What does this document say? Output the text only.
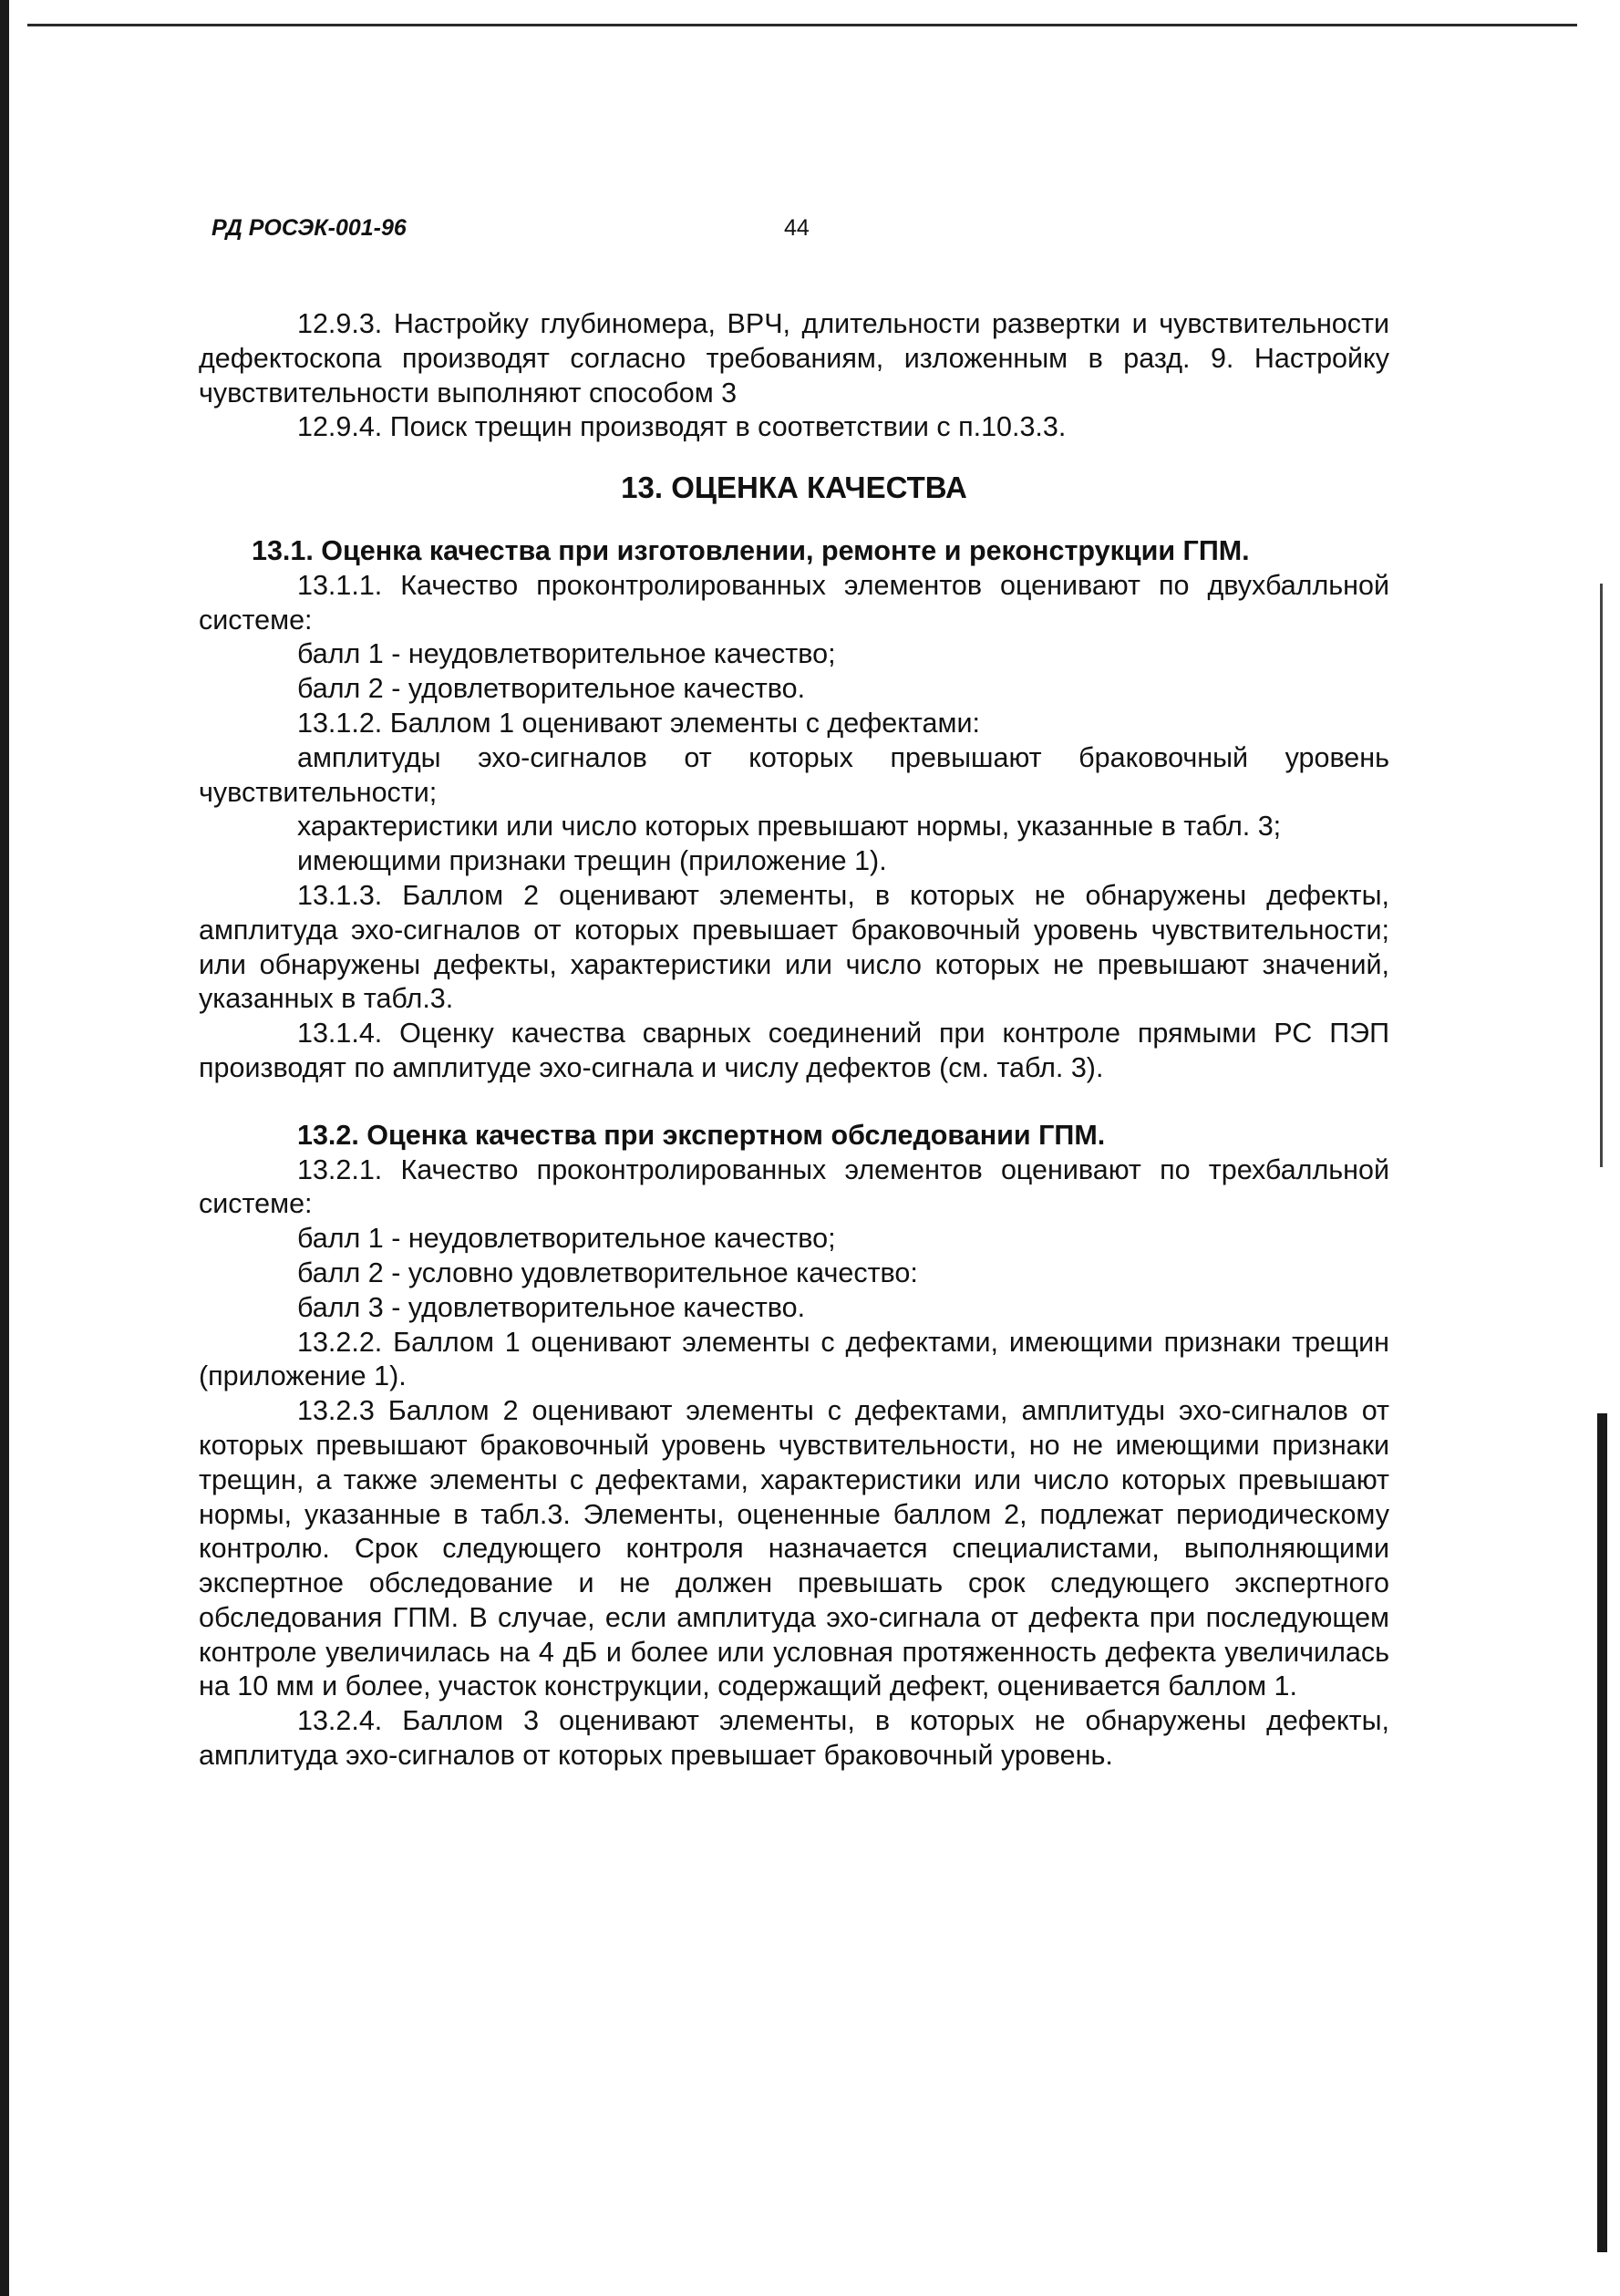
РД РОСЭК-001-96	44

12.9.3. Настройку глубиномера, ВРЧ, длительности развертки и чувствительности дефектоскопа производят согласно требованиям, изложенным в разд. 9. Настройку чувствительности выполняют способом 3

12.9.4. Поиск трещин производят в соответствии с п.10.3.3.

13. ОЦЕНКА КАЧЕСТВА

13.1. Оценка качества при изготовлении, ремонте и реконструкции ГПМ.

13.1.1. Качество проконтролированных элементов оценивают по двухбалльной системе:

балл 1 - неудовлетворительное качество;

балл 2 - удовлетворительное качество.

13.1.2. Баллом 1 оценивают элементы с дефектами:

амплитуды эхо-сигналов от которых превышают браковочный уровень чувствительности;

характеристики или число которых превышают нормы, указанные в табл. 3;

имеющими признаки трещин (приложение 1).

13.1.3. Баллом 2 оценивают элементы, в которых не обнаружены дефекты, амплитуда эхо-сигналов от которых превышает браковочный уровень чувствительности; или обнаружены дефекты, характеристики или число которых не превышают значений, указанных в табл.3.

13.1.4. Оценку качества сварных соединений при контроле прямыми РС ПЭП производят по амплитуде эхо-сигнала и числу дефектов (см. табл. 3).

13.2. Оценка качества при экспертном обследовании ГПМ.

13.2.1. Качество проконтролированных элементов оценивают по трехбалльной системе:

балл 1 - неудовлетворительное качество;

балл 2 - условно удовлетворительное качество:

балл 3 - удовлетворительное качество.

13.2.2. Баллом 1 оценивают элементы с дефектами, имеющими признаки трещин (приложение 1).

13.2.3 Баллом 2 оценивают элементы с дефектами, амплитуды эхо-сигналов от которых превышают браковочный уровень чувствительности, но не имеющими признаки трещин, а также элементы с дефектами, характеристики или число которых превышают нормы, указанные в табл.3. Элементы, оцененные баллом 2, подлежат периодическому контролю. Срок следующего контроля назначается специалистами, выполняющими экспертное обследование и не должен превышать срок следующего экспертного обследования ГПМ. В случае, если амплитуда эхо-сигнала от дефекта при последующем контроле увеличилась на 4 дБ и более или условная протяженность дефекта увеличилась на 10 мм и более, участок конструкции, содержащий дефект, оценивается баллом 1.

13.2.4. Баллом 3 оценивают элементы, в которых не обнаружены дефекты, амплитуда эхо-сигналов от которых превышает браковочный уровень.
